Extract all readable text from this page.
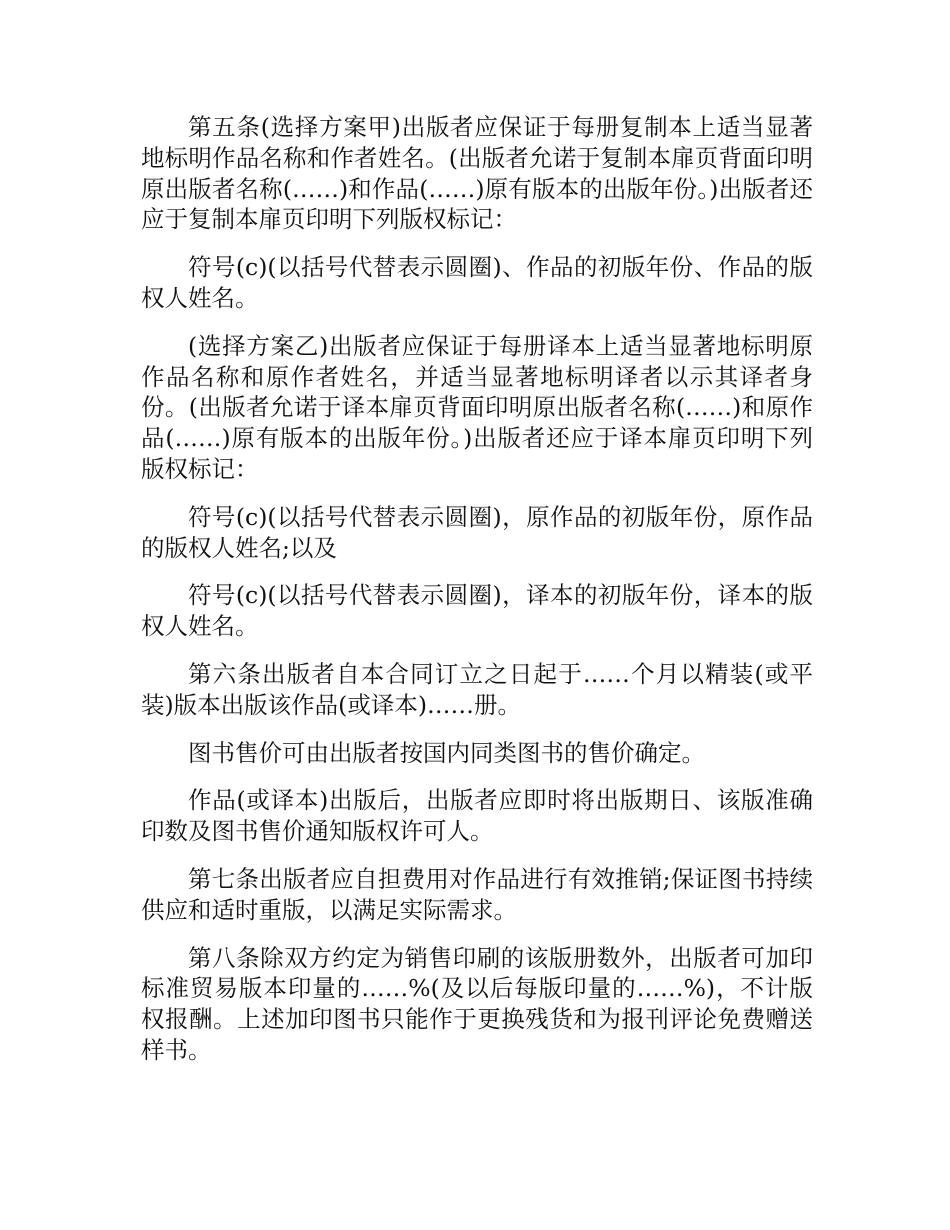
第五条(选择方案甲)出版者应保证于每册复制本上适当显著地标明作品名称和作者姓名。(出版者允诺于复制本扉页背面印明原出版者名称(……)和作品(……)原有版本的出版年份。)出版者还应于复制本扉页印明下列版权标记：

符号(c)(以括号代替表示圆圈)、作品的初版年份、作品的版权人姓名。

(选择方案乙)出版者应保证于每册译本上适当显著地标明原作品名称和原作者姓名，并适当显著地标明译者以示其译者身份。(出版者允诺于译本扉页背面印明原出版者名称(……)和原作品(……)原有版本的出版年份。)出版者还应于译本扉页印明下列版权标记：

符号(c)(以括号代替表示圆圈)，原作品的初版年份，原作品的版权人姓名;以及

符号(c)(以括号代替表示圆圈)，译本的初版年份，译本的版权人姓名。

第六条出版者自本合同订立之日起于……个月以精装(或平装)版本出版该作品(或译本)……册。

图书售价可由出版者按国内同类图书的售价确定。

作品(或译本)出版后，出版者应即时将出版期日、该版准确印数及图书售价通知版权许可人。

第七条出版者应自担费用对作品进行有效推销;保证图书持续供应和适时重版，以满足实际需求。

第八条除双方约定为销售印刷的该版册数外，出版者可加印标准贸易版本印量的……%(及以后每版印量的……%)，不计版权报酬。上述加印图书只能作于更换残货和为报刊评论免费赠送样书。
